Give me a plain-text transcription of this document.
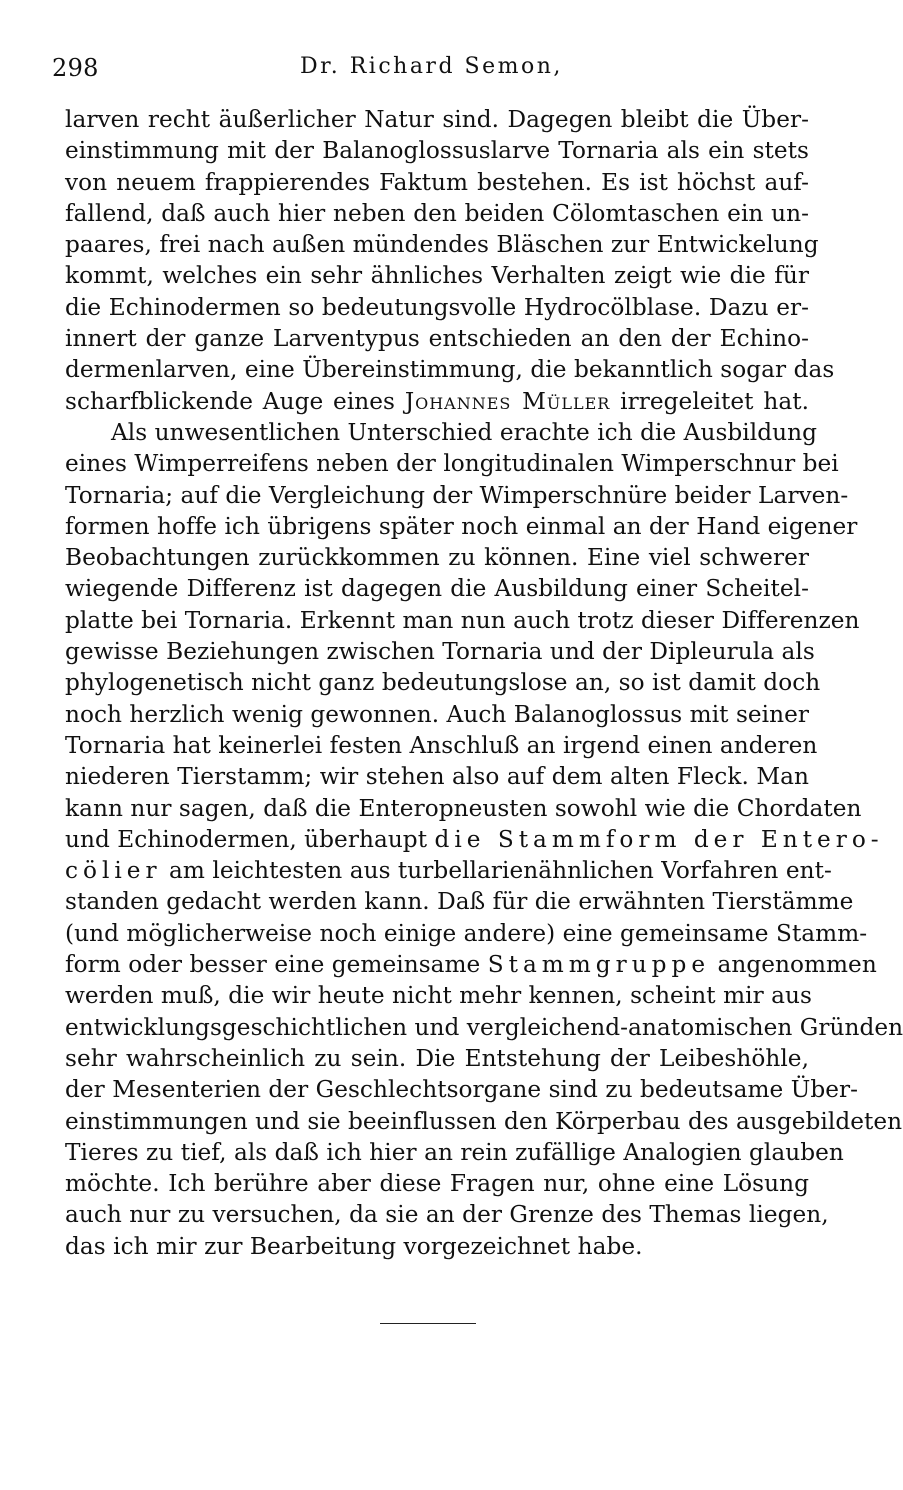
298	Dr. Richard Semon,
larven recht äußerlicher Natur sind. Dagegen bleibt die Über-
einstimmung mit der Balanoglossuslarve Tornaria als ein stets
von neuem frappierendes Faktum bestehen. Es ist höchst auf-
fallend, daß auch hier neben den beiden Cölomtaschen ein un-
paares, frei nach außen mündendes Bläschen zur Entwickelung
kommt, welches ein sehr ähnliches Verhalten zeigt wie die für
die Echinodermen so bedeutungsvolle Hydrocölblase. Dazu er-
innert der ganze Larventypus entschieden an den der Echino-
dermenlarven, eine Übereinstimmung, die bekanntlich sogar das
scharfblickende Auge eines Johannes Müller irregeleitet hat.
Als unwesentlichen Unterschied erachte ich die Ausbildung
eines Wimperreifens neben der longitudinalen Wimperschnur bei
Tornaria; auf die Vergleichung der Wimperschnüre beider Larven-
formen hoffe ich übrigens später noch einmal an der Hand eigener
Beobachtungen zurückkommen zu können. Eine viel schwerer
wiegende Differenz ist dagegen die Ausbildung einer Scheitel-
platte bei Tornaria. Erkennt man nun auch trotz dieser Differenzen
gewisse Beziehungen zwischen Tornaria und der Dipleurula als
phylogenetisch nicht ganz bedeutungslose an, so ist damit doch
noch herzlich wenig gewonnen. Auch Balanoglossus mit seiner
Tornaria hat keinerlei festen Anschluß an irgend einen anderen
niederen Tierstamm; wir stehen also auf dem alten Fleck. Man
kann nur sagen, daß die Enteropneusten sowohl wie die Chordaten
und Echinodermen, überhaupt die Stammform der Entero-
cölier am leichtesten aus turbellarienähnlichen Vorfahren ent-
standen gedacht werden kann. Daß für die erwähnten Tierstämme
(und möglicherweise noch einige andere) eine gemeinsame Stamm-
form oder besser eine gemeinsame Stammgruppe angenommen
werden muß, die wir heute nicht mehr kennen, scheint mir aus
entwicklungsgeschichtlichen und vergleichend-anatomischen Gründen
sehr wahrscheinlich zu sein. Die Entstehung der Leibeshöhle,
der Mesenterien der Geschlechtsorgane sind zu bedeutsame Über-
einstimmungen und sie beeinflussen den Körperbau des ausgebildeten
Tieres zu tief, als daß ich hier an rein zufällige Analogien glauben
möchte. Ich berühre aber diese Fragen nur, ohne eine Lösung
auch nur zu versuchen, da sie an der Grenze des Themas liegen,
das ich mir zur Bearbeitung vorgezeichnet habe.
